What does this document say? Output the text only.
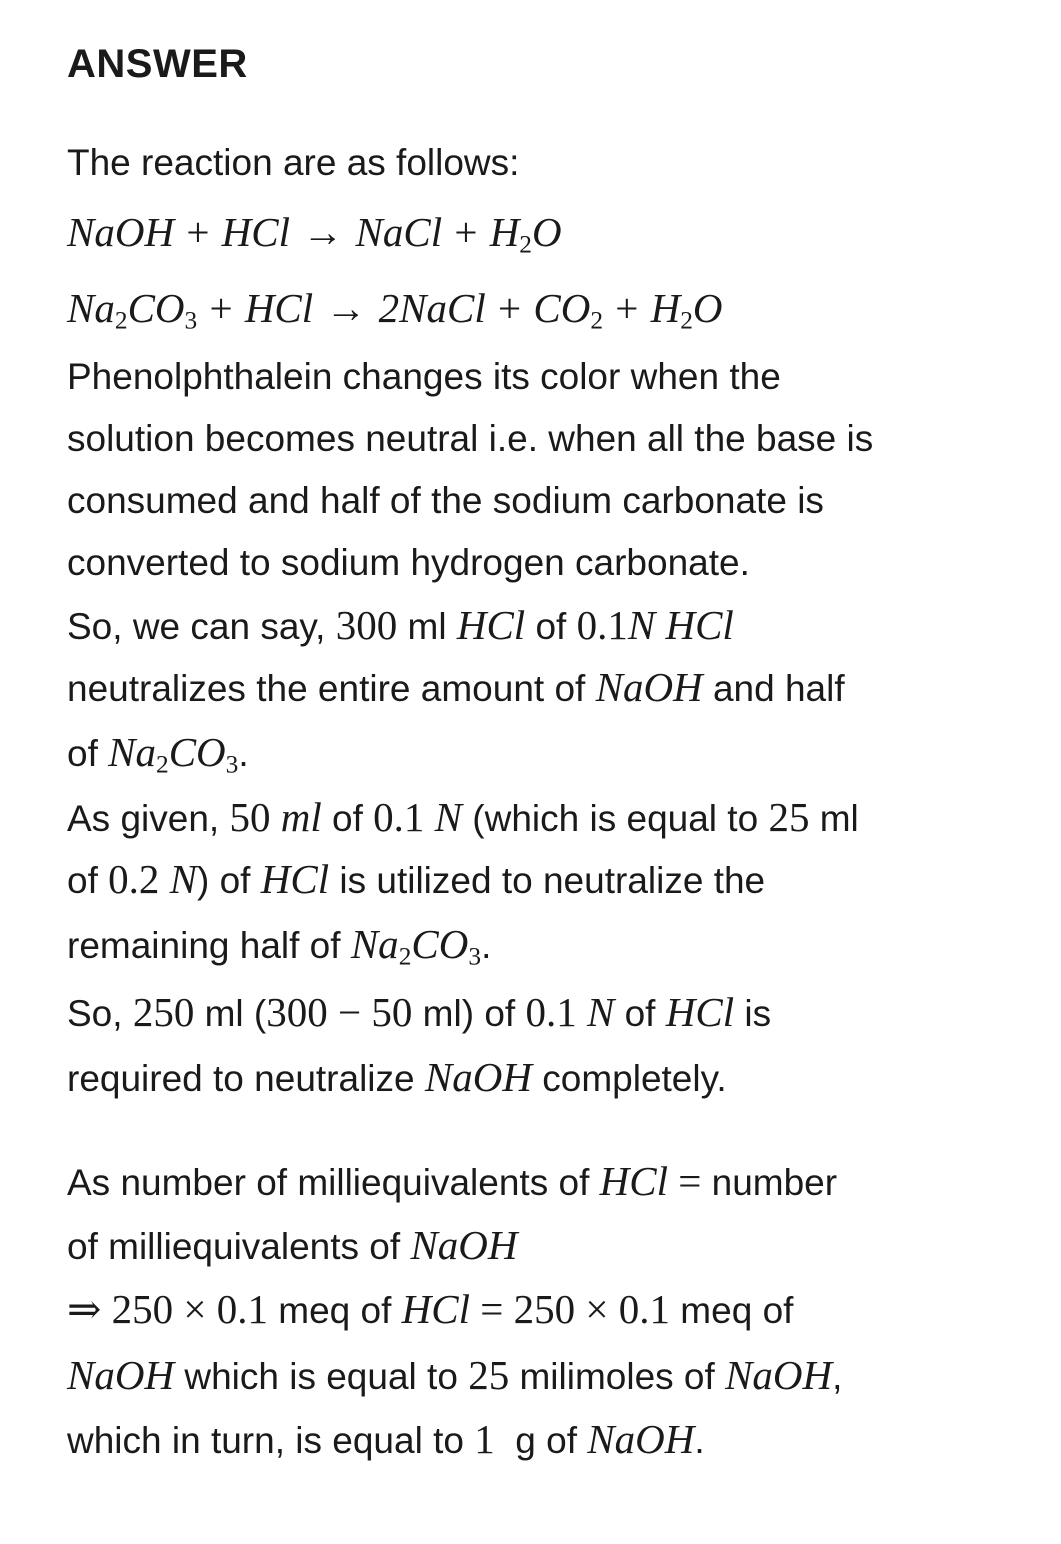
ANSWER
The reaction are as follows:
NaOH + HCl → NaCl + $H_2O$
$Na_2CO_3$ + HCl → 2NaCl + $CO_2 + H_2O$
Phenolphthalein changes its color when the
solution becomes neutral i.e. when all the base is
consumed and half of the sodium carbonate is
converted to sodium hydrogen carbonate.
So, we can say, 300 ml HCl of 0.1N HCl
neutralizes the entire amount of NaOH and half
of $Na_2CO_3$.
As given, 50 ml of 0.1 N (which is equal to 25 ml
of 0.2 N) of HCl is utilized to neutralize the
remaining half of $Na_2CO_3$.
So, 250 ml (300 − 50 ml) of 0.1 N of HCl is
required to neutralize NaOH completely.
As number of milliequivalents of HCl = number
of milliequivalents of NaOH
⇒ 250 × 0.1 meq of HCl = 250 × 0.1 meq of
NaOH which is equal to 25 milimoles of NaOH,
which in turn, is equal to 1  g of NaOH.
